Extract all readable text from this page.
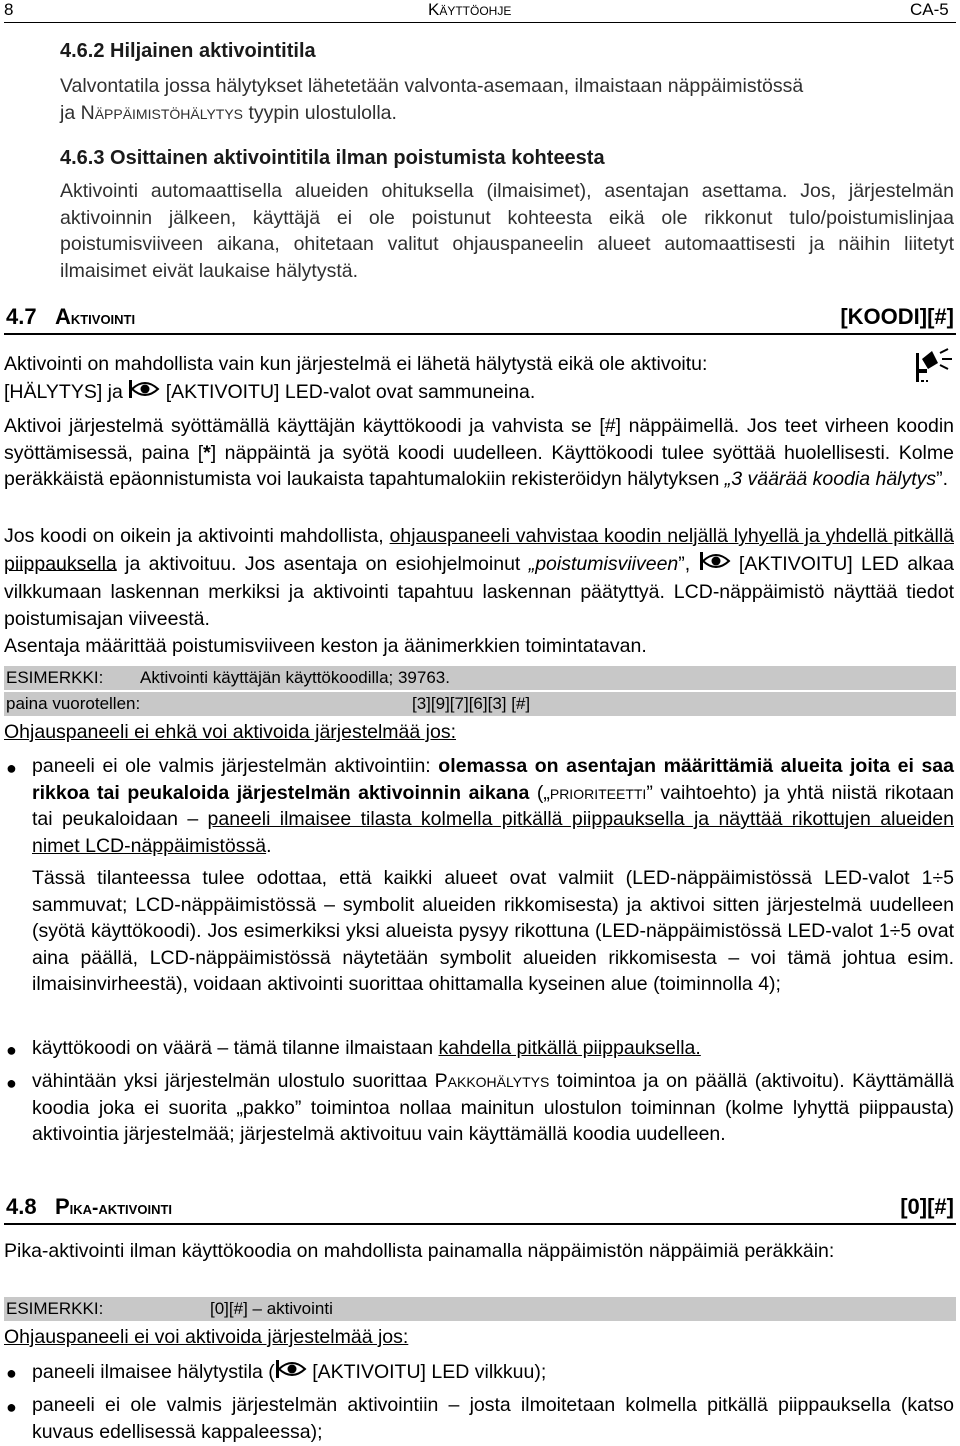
8	Käyttöohje	CA-5
4.6.2 Hiljainen aktivointitila
Valvontatila jossa hälytykset lähetetään valvonta-asemaan, ilmaistaan näppäimistössä
ja Näppäimistöhälytys tyypin ulostulolla.
4.6.3 Osittainen aktivointitila ilman poistumista kohteesta
Aktivointi automaattisella alueiden ohituksella (ilmaisimet), asentajan asettama. Jos, järjestelmän aktivoinnin jälkeen, käyttäjä ei ole poistunut kohteesta eikä ole rikkonut tulo/poistumislinjaa poistumisviiveen aikana, ohitetaan valitut ohjauspaneelin alueet automaattisesti ja näihin liitetyt ilmaisimet eivät laukaise hälytystä.
4.7 Aktivointi	[KOODI][#]
Aktivointi on mahdollista vain kun järjestelmä ei lähetä hälytystä eikä ole aktivoitu:
[HÄLYTYS] ja [AKTIVOITU] LED-valot ovat sammuneina.
Aktivoi järjestelmä syöttämällä käyttäjän käyttökoodi ja vahvista se [#] näppäimellä. Jos teet virheen koodin syöttämisessä, paina [*] näppäintä ja syötä koodi uudelleen. Käyttökoodi tulee syöttää huolellisesti. Kolme peräkkäistä epäonnistumista voi laukaista tapahtumalokiin rekisteröidyn hälytyksen „3 väärää koodia hälytys”.
Jos koodi on oikein ja aktivointi mahdollista, ohjauspaneeli vahvistaa koodin neljällä lyhyellä ja yhdellä pitkällä piippauksella ja aktivoituu. Jos asentaja on esiohjelmoinut „poistumisviiveen”,  [AKTIVOITU] LED alkaa vilkkumaan laskennan merkiksi ja aktivointi tapahtuu laskennan päätyttyä. LCD-näppäimistö näyttää tiedot poistumisajan viiveestä.
Asentaja määrittää poistumisviiveen keston ja äänimerkkien toimintatavan.
ESIMERKKI: Aktivointi käyttäjän käyttökoodilla; 39763.
paina vuorotellen:	[3][9][7][6][3] [#]
Ohjauspaneeli ei ehkä voi aktivoida järjestelmää jos:
● paneeli ei ole valmis järjestelmän aktivointiin: olemassa on asentajan määrittämiä alueita joita ei saa rikkoa tai peukaloida järjestelmän aktivoinnin aikana („prioriteetti” vaihtoehto) ja yhtä niistä rikotaan tai peukaloidaan – paneeli ilmaisee tilasta kolmella pitkällä piippauksella ja näyttää rikottujen alueiden nimet LCD-näppäimistössä.
Tässä tilanteessa tulee odottaa, että kaikki alueet ovat valmiit (LED-näppäimistössä LED-valot 1÷5 sammuvat; LCD-näppäimistössä – symbolit alueiden rikkomisesta) ja aktivoi sitten järjestelmä uudelleen (syötä käyttökoodi). Jos esimerkiksi yksi alueista pysyy rikottuna (LED-näppäimistössä LED-valot 1÷5 ovat aina päällä, LCD-näppäimistössä näytetään symbolit alueiden rikkomisesta – voi tämä johtua esim. ilmaisinvirheestä), voidaan aktivointi suorittaa ohittamalla kyseinen alue (toiminnolla 4);
● käyttökoodi on väärä – tämä tilanne ilmaistaan kahdella pitkällä piippauksella.
● vähintään yksi järjestelmän ulostulo suorittaa Pakkohälytys toimintoa ja on päällä (aktivoitu). Käyttämällä koodia joka ei suorita „pakko” toimintoa nollaa mainitun ulostulon toiminnan (kolme lyhyttä piippausta) aktivointia järjestelmää; järjestelmä aktivoituu vain käyttämällä koodia uudelleen.
4.8 Pika-aktivointi	[0][#]
Pika-aktivointi ilman käyttökoodia on mahdollista painamalla näppäimistön näppäimiä peräkkäin:
ESIMERKKI:	[0][#] – aktivointi
Ohjauspaneeli ei voi aktivoida järjestelmää jos:
● paneeli ilmaisee hälytystila ( [AKTIVOITU] LED vilkkuu);
● paneeli ei ole valmis järjestelmän aktivointiin – josta ilmoitetaan kolmella pitkällä piippauksella (katso kuvaus edellisessä kappaleessa);
